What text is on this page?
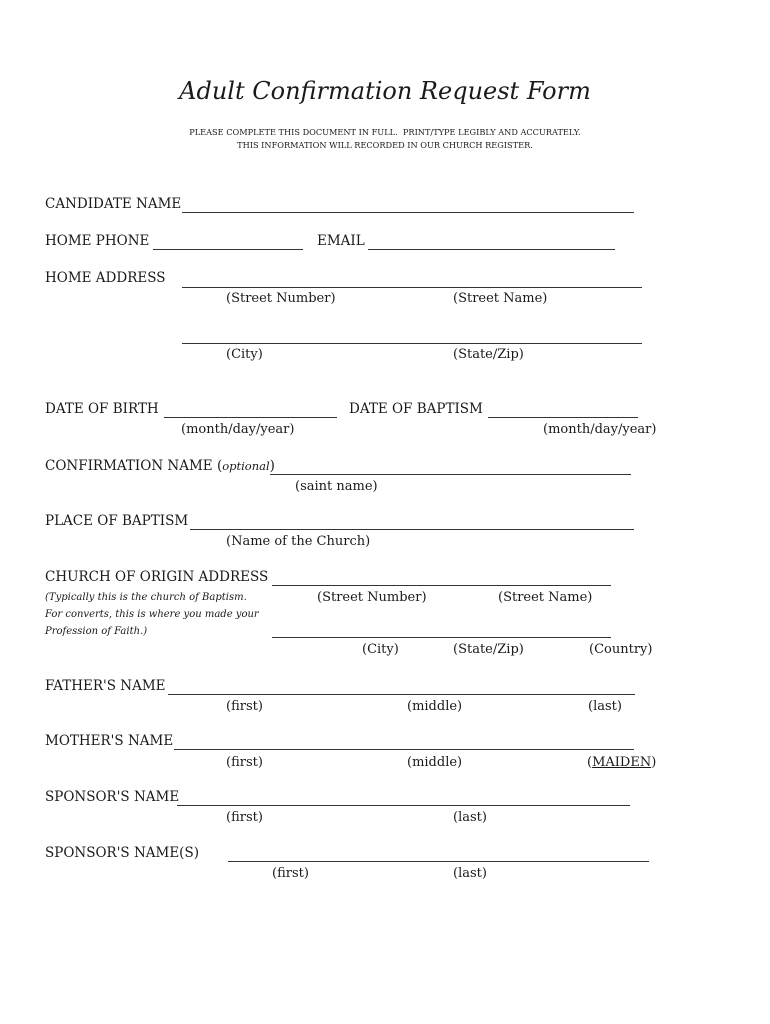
Adult Confirmation Request Form
PLEASE COMPLETE THIS DOCUMENT IN FULL.  PRINT/TYPE LEGIBLY AND ACCURATELY.
THIS INFORMATION WILL RECORDED IN OUR CHURCH REGISTER.
CANDIDATE NAME
HOME PHONE	EMAIL
HOME ADDRESS
(Street Number)	(Street Name)
(City)	(State/Zip)
DATE OF BIRTH
(month/day/year)
DATE OF BAPTISM
(month/day/year)
CONFIRMATION NAME (optional)
(saint name)
PLACE OF BAPTISM
(Name of the Church)
CHURCH OF ORIGIN ADDRESS
(Typically this is the church of Baptism.
For converts, this is where you made your
Profession of Faith.)
(Street Number)	(Street Name)
(City)	(State/Zip)	(Country)
FATHER'S NAME
(first)	(middle)	(last)
MOTHER'S NAME
(first)	(middle)	(MAIDEN)
SPONSOR'S NAME
(first)	(last)
SPONSOR'S NAME(S)
(first)	(last)
